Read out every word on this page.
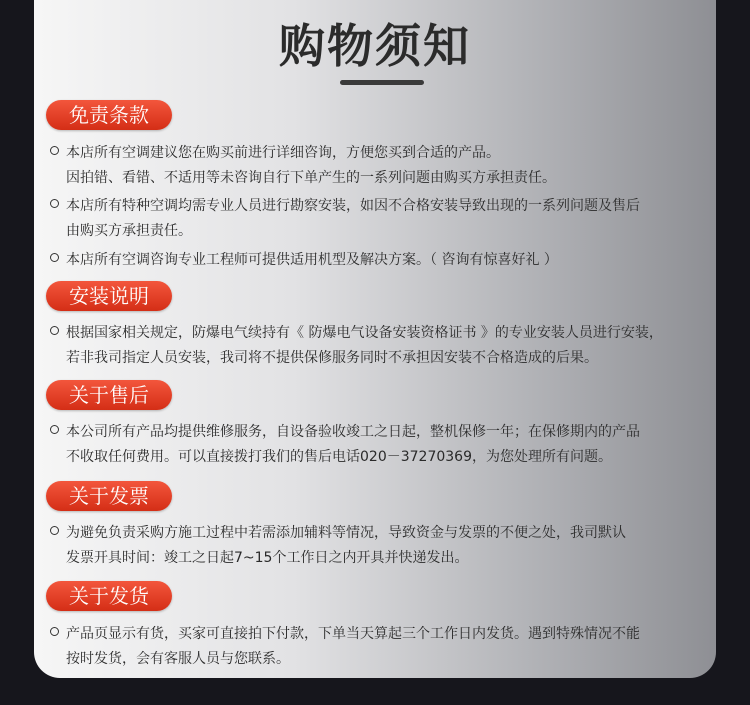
购物须知
免责条款
本店所有空调建议您在购买前进行详细咨询，方便您买到合适的产品。
因拍错、看错、不适用等未咨询自行下单产生的一系列问题由购买方承担责任。
本店所有特种空调均需专业人员进行勘察安装，如因不合格安装导致出现的一系列问题及售后
由购买方承担责任。
本店所有空调咨询专业工程师可提供适用机型及解决方案。（ 咨询有惊喜好礼 ）
安装说明
根据国家相关规定，防爆电气续持有《 防爆电气设备安装资格证书 》的专业安装人员进行安装，
若非我司指定人员安装，我司将不提供保修服务同时不承担因安装不合格造成的后果。
关于售后
本公司所有产品均提供维修服务，自设备验收竣工之日起，整机保修一年；在保修期内的产品
不收取任何费用。可以直接拨打我们的售后电话020－37270369，为您处理所有问题。
关于发票
为避免负责采购方施工过程中若需添加辅料等情况，导致资金与发票的不便之处，我司默认
发票开具时间：竣工之日起7~15个工作日之内开具并快递发出。
关于发货
产品页显示有货，买家可直接拍下付款，下单当天算起三个工作日内发货。遇到特殊情况不能
按时发货，会有客服人员与您联系。
